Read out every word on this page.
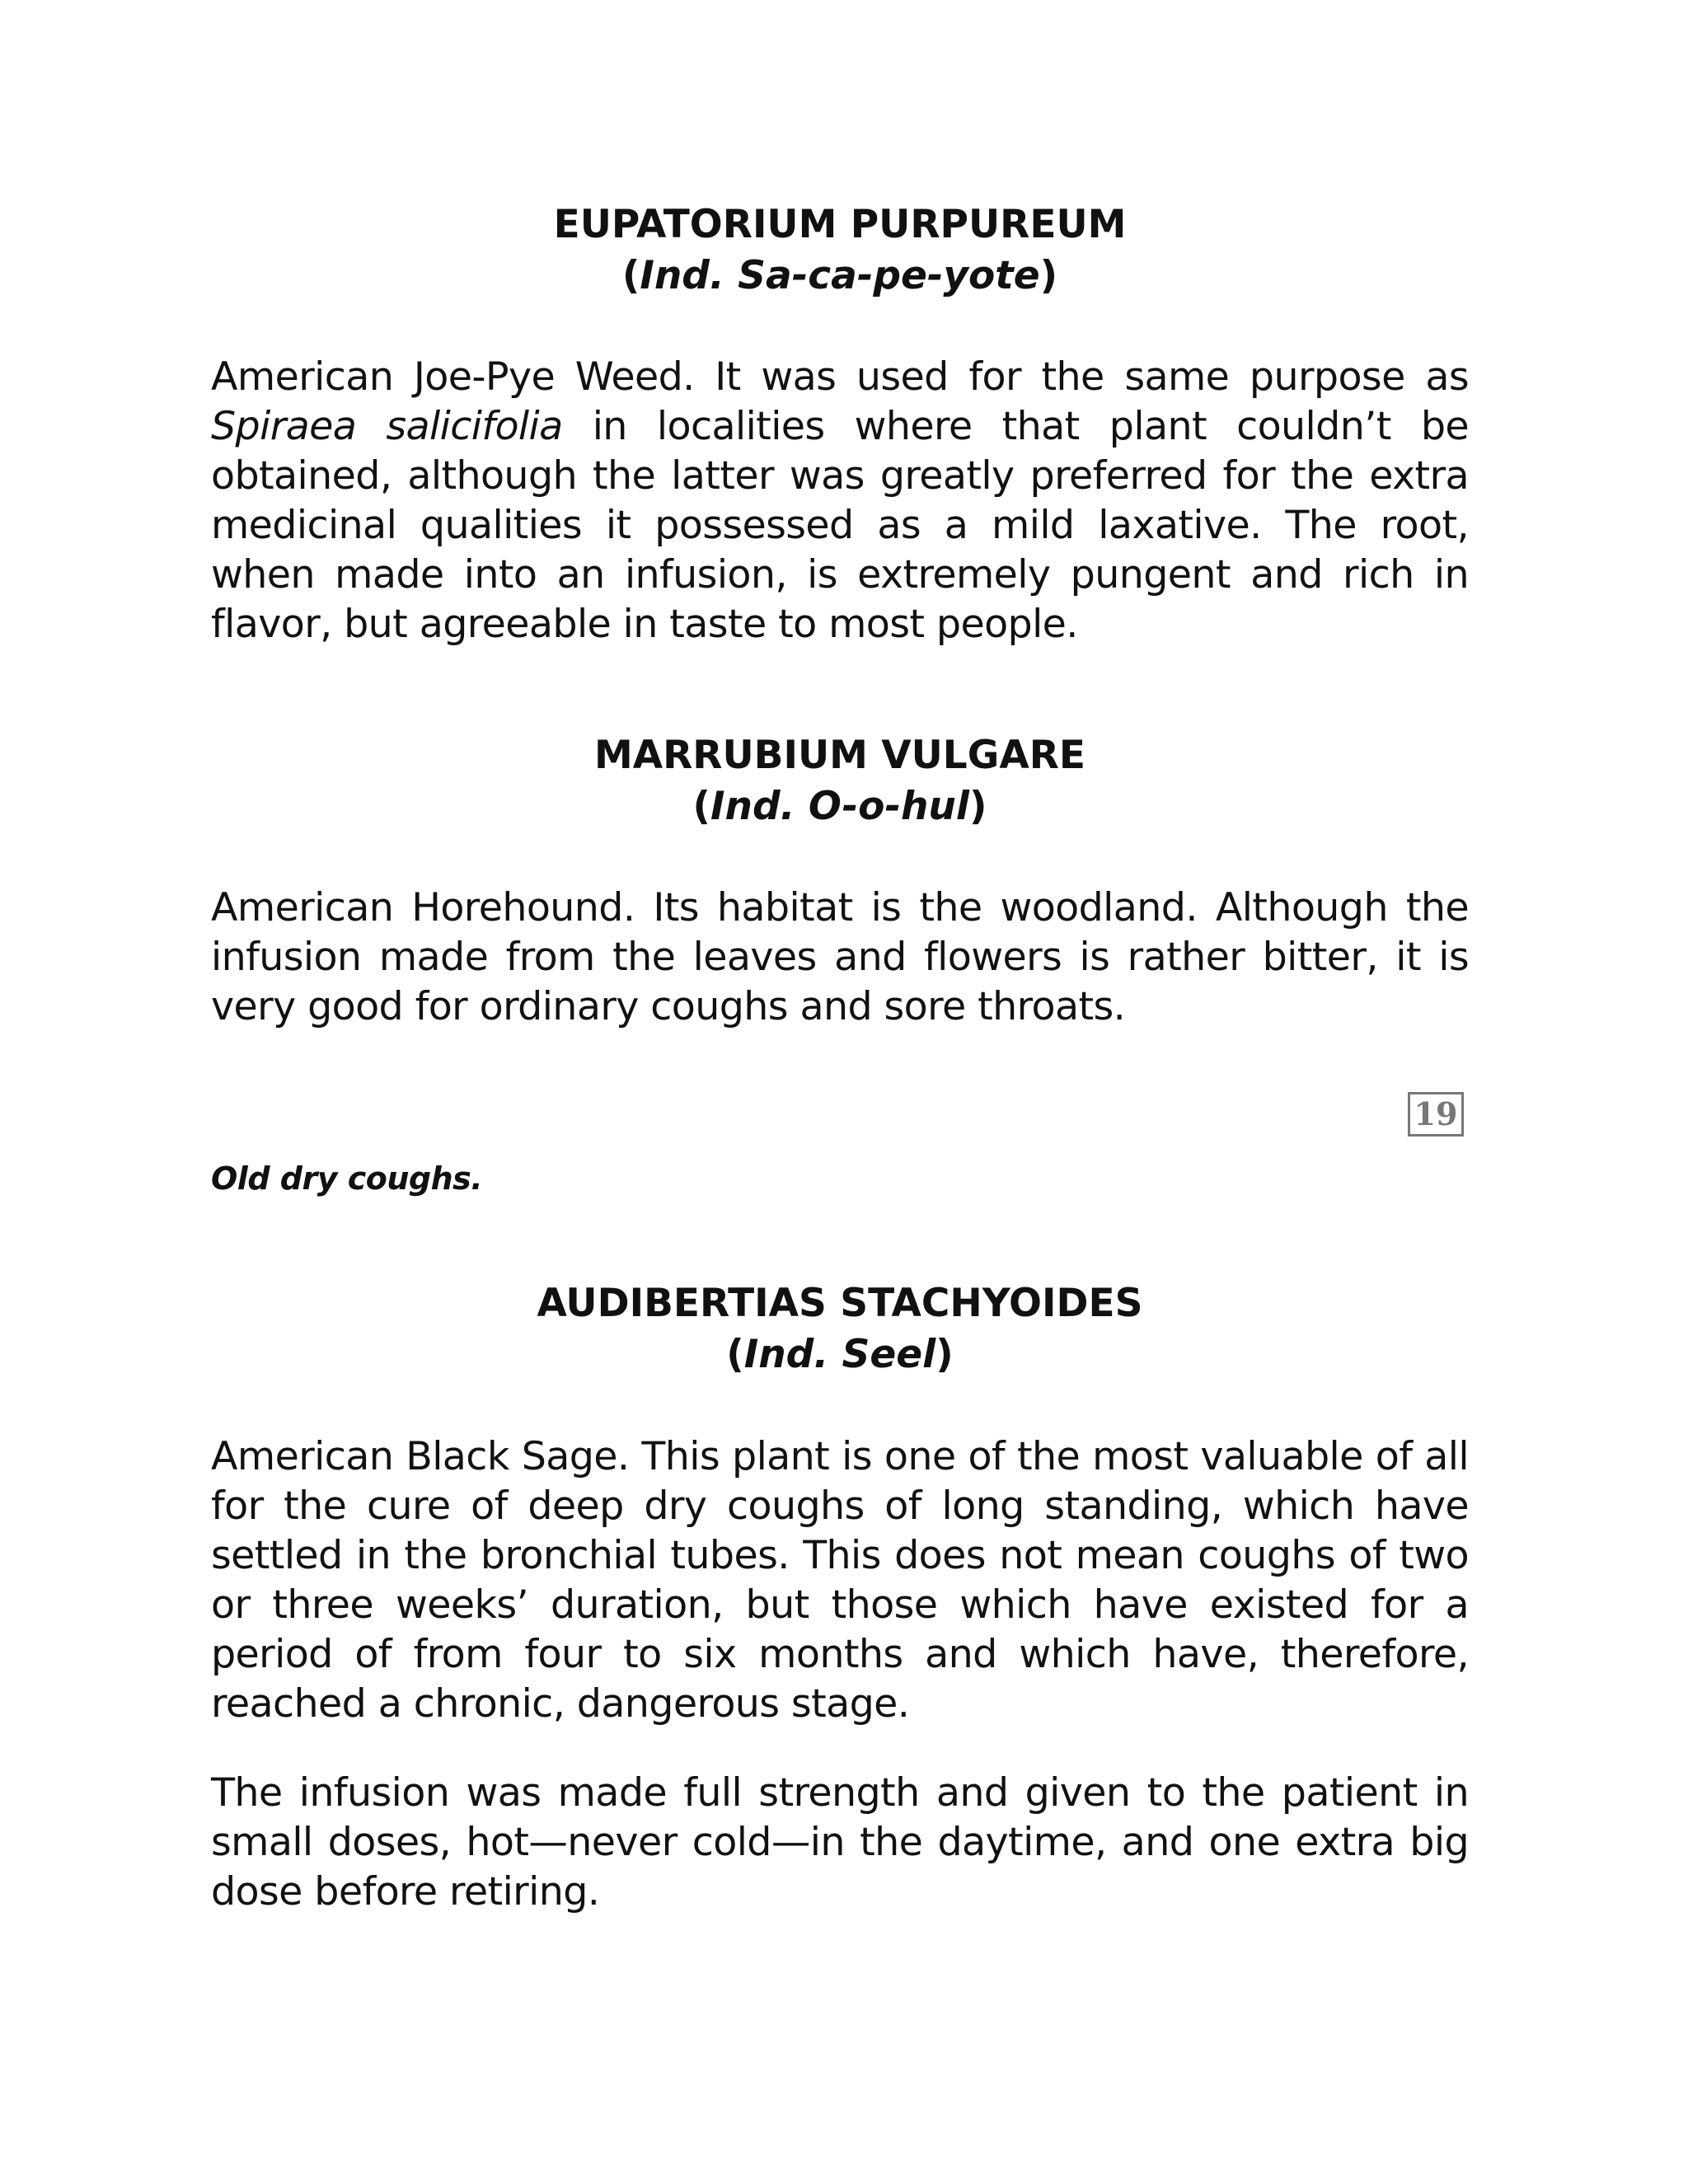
EUPATORIUM PURPUREUM
(Ind. Sa-ca-pe-yote)

American Joe-Pye Weed. It was used for the same purpose as Spiraea salicifolia in localities where that plant couldn’t be obtained, although the latter was greatly preferred for the extra medicinal qualities it possessed as a mild laxative. The root, when made into an infusion, is extremely pungent and rich in flavor, but agreeable in taste to most people.

MARRUBIUM VULGARE
(Ind. O-o-hul)

American Horehound. Its habitat is the woodland. Although the infusion made from the leaves and flowers is rather bitter, it is very good for ordinary coughs and sore throats.

19
Old dry coughs.
AUDIBERTIAS STACHYOIDES
(Ind. Seel)

American Black Sage. This plant is one of the most valuable of all for the cure of deep dry coughs of long standing, which have settled in the bronchial tubes. This does not mean coughs of two or three weeks’ duration, but those which have existed for a period of from four to six months and which have, therefore, reached a chronic, dangerous stage.

The infusion was made full strength and given to the patient in small doses, hot—never cold—in the daytime, and one extra big dose before retiring.
